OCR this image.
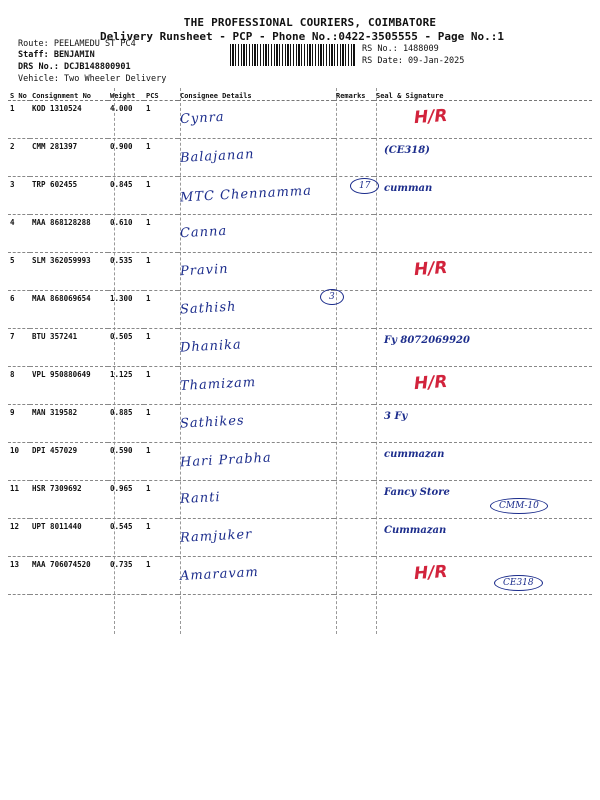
THE PROFESSIONAL COURIERS, COIMBATORE
Delivery Runsheet - PCP - Phone No.:0422-3505555 - Page No.:1
Route: PEELAMEDU ST PC4
Staff: BENJAMIN
DRS No.: DCJB148800901
Vehicle: Two Wheeler Delivery
RS No.: 1488009
RS Date: 09-Jan-2025
S No	Consignment No	Weight	PCS	Consignee Details	Remarks	Seal & Signature
1	KOD 1310524	4.000	1	Cynra		H/R
2	CMM 281397	0.900	1	Balajanan		(CE318)
3	TRP 602455	0.845	1	MTC Chennamma		cumman
4	MAA 868128288	0.610	1	Canna		
5	SLM 362059993	0.535	1	Pravin		H/R
6	MAA 868069654	1.300	1	Sathish		
7	BTU 357241	0.505	1	Dhanika		Fy 8072069920
8	VPL 950880649	1.125	1	Thamizam		H/R
9	MAN 319582	0.885	1	Sathikes		3 Fy
10	DPI 457029	0.590	1	Hari Prabha		cummazan
11	HSR 7309692	0.965	1	Ranti		Fancy Store
12	UPT 8011440	0.545	1	Ramjuker		Cummazan
13	MAA 706074520	0.735	1	Amaravam		H/R
17
3
CMM-10
CE318
